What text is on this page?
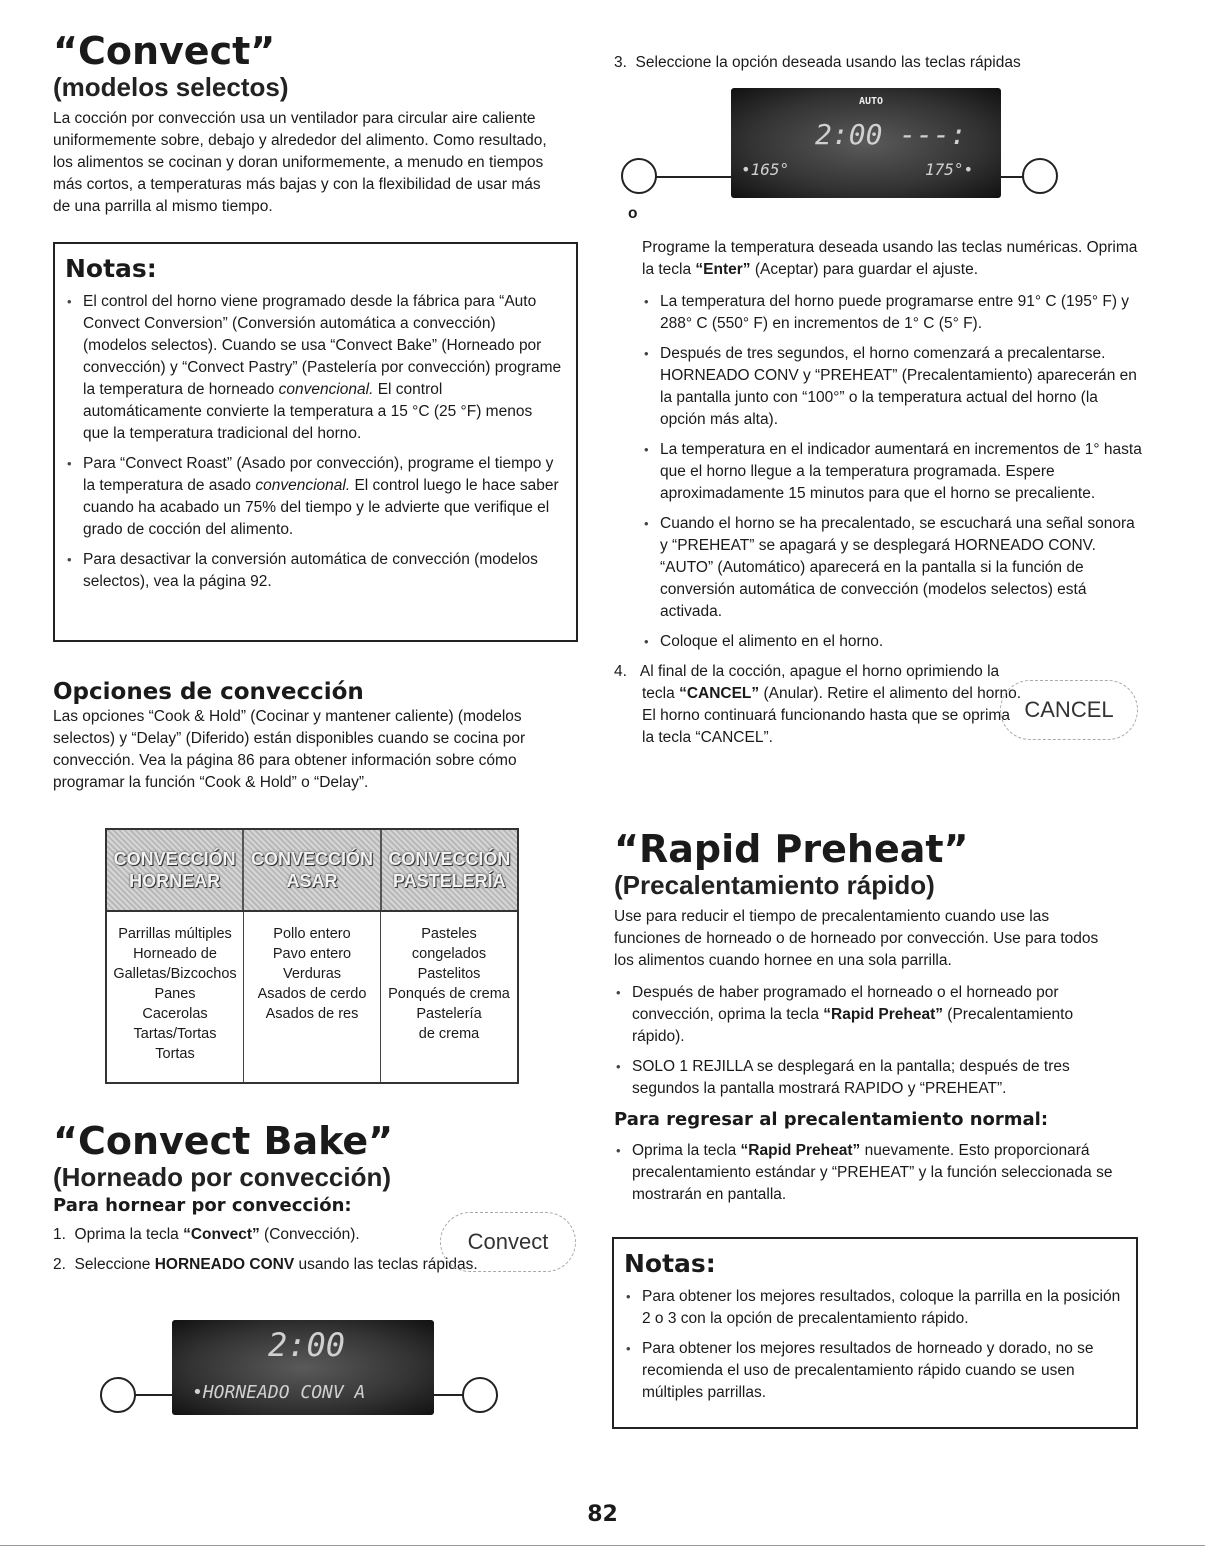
“Convect”
(modelos selectos)

La cocción por convección usa un ventilador para circular aire caliente uniformemente sobre, debajo y alrededor del alimento. Como resultado, los alimentos se cocinan y doran uniformemente, a menudo en tiempos más cortos, a temperaturas más bajas y con la flexibilidad de usar más de una parrilla al mismo tiempo.

Notas:
• El control del horno viene programado desde la fábrica para “Auto Convect Conversion” (Conversión automática a convección) (modelos selectos). Cuando se usa “Convect Bake” (Horneado por convección) y “Convect Pastry” (Pastelería por convección) programe la temperatura de horneado convencional. El control automáticamente convierte la temperatura a 15 °C (25 °F) menos que la temperatura tradicional del horno.
• Para “Convect Roast” (Asado por convección), programe el tiempo y la temperatura de asado convencional. El control luego le hace saber cuando ha acabado un 75% del tiempo y le advierte que verifique el grado de cocción del alimento.
• Para desactivar la conversión automática de convección (modelos selectos), vea la página 92.
Opciones de convección

Las opciones “Cook & Hold” (Cocinar y mantener caliente) (modelos selectos) y “Delay” (Diferido) están disponibles cuando se cocina por convección. Vea la página 86 para obtener información sobre cómo programar la función “Cook & Hold” o “Delay”.

CONVECCIÓN
HORNEAR
CONVECCIÓN
ASAR
CONVECCIÓN
PASTELERÍA
Parrillas múltiples
Horneado de
Galletas/Bizcochos
Panes
Cacerolas
Tartas/Tortas
Tortas
Pollo entero
Pavo entero
Verduras
Asados de cerdo
Asados de res
Pasteles
congelados
Pastelitos
Ponqués de crema
Pastelería
de crema
“Convect Bake”
(Horneado por convección)
Para hornear por convección:

1.  Oprima la tecla “Convect” (Convección).

2.  Seleccione HORNEADO CONV usando las teclas rápidas.

Convect
2:00
•HORNEADO CONV A

3.  Seleccione la opción deseada usando las teclas rápidas

AUTO
2:00 ---:
•165°	175°•

o

Programe la temperatura deseada usando las teclas numéricas. Oprima la tecla “Enter” (Aceptar) para guardar el ajuste.

• La temperatura del horno puede programarse entre 91° C (195° F) y 288° C (550° F) en incrementos de 1° C (5° F).
• Después de tres segundos, el horno comenzará a precalentarse. HORNEADO CONV y “PREHEAT” (Precalentamiento) aparecerán en la pantalla junto con “100°” o la temperatura actual del horno (la opción más alta).
• La temperatura en el indicador aumentará en incrementos de 1° hasta que el horno llegue a la temperatura programada. Espere aproximadamente 15 minutos para que el horno se precaliente.
• Cuando el horno se ha precalentado, se escuchará una señal sonora y “PREHEAT” se apagará y se desplegará HORNEADO CONV. “AUTO” (Automático) aparecerá en la pantalla si la función de conversión automática de convección (modelos selectos) está activada.
• Coloque el alimento en el horno.

4.   Al final de la cocción, apague el horno oprimiendo la tecla “CANCEL” (Anular). Retire el alimento del horno. El horno continuará funcionando hasta que se oprima la tecla “CANCEL”.

CANCEL
“Rapid Preheat”
(Precalentamiento rápido)

Use para reducir el tiempo de precalentamiento cuando use las funciones de horneado o de horneado por convección. Use para todos los alimentos cuando hornee en una sola parrilla.

• Después de haber programado el horneado o el horneado por convección, oprima la tecla “Rapid Preheat” (Precalentamiento rápido).
• SOLO 1 REJILLA se desplegará en la pantalla; después de tres segundos la pantalla mostrará RAPIDO y “PREHEAT”.
Para regresar al precalentamiento normal:
• Oprima la tecla “Rapid Preheat” nuevamente. Esto proporcionará precalentamiento estándar y “PREHEAT” y la función seleccionada se mostrarán en pantalla.
Notas:
• Para obtener los mejores resultados, coloque la parrilla en la posición 2 o 3 con la opción de precalentamiento rápido.
• Para obtener los mejores resultados de horneado y dorado, no se recomienda el uso de precalentamiento rápido cuando se usen múltiples parrillas.
82
